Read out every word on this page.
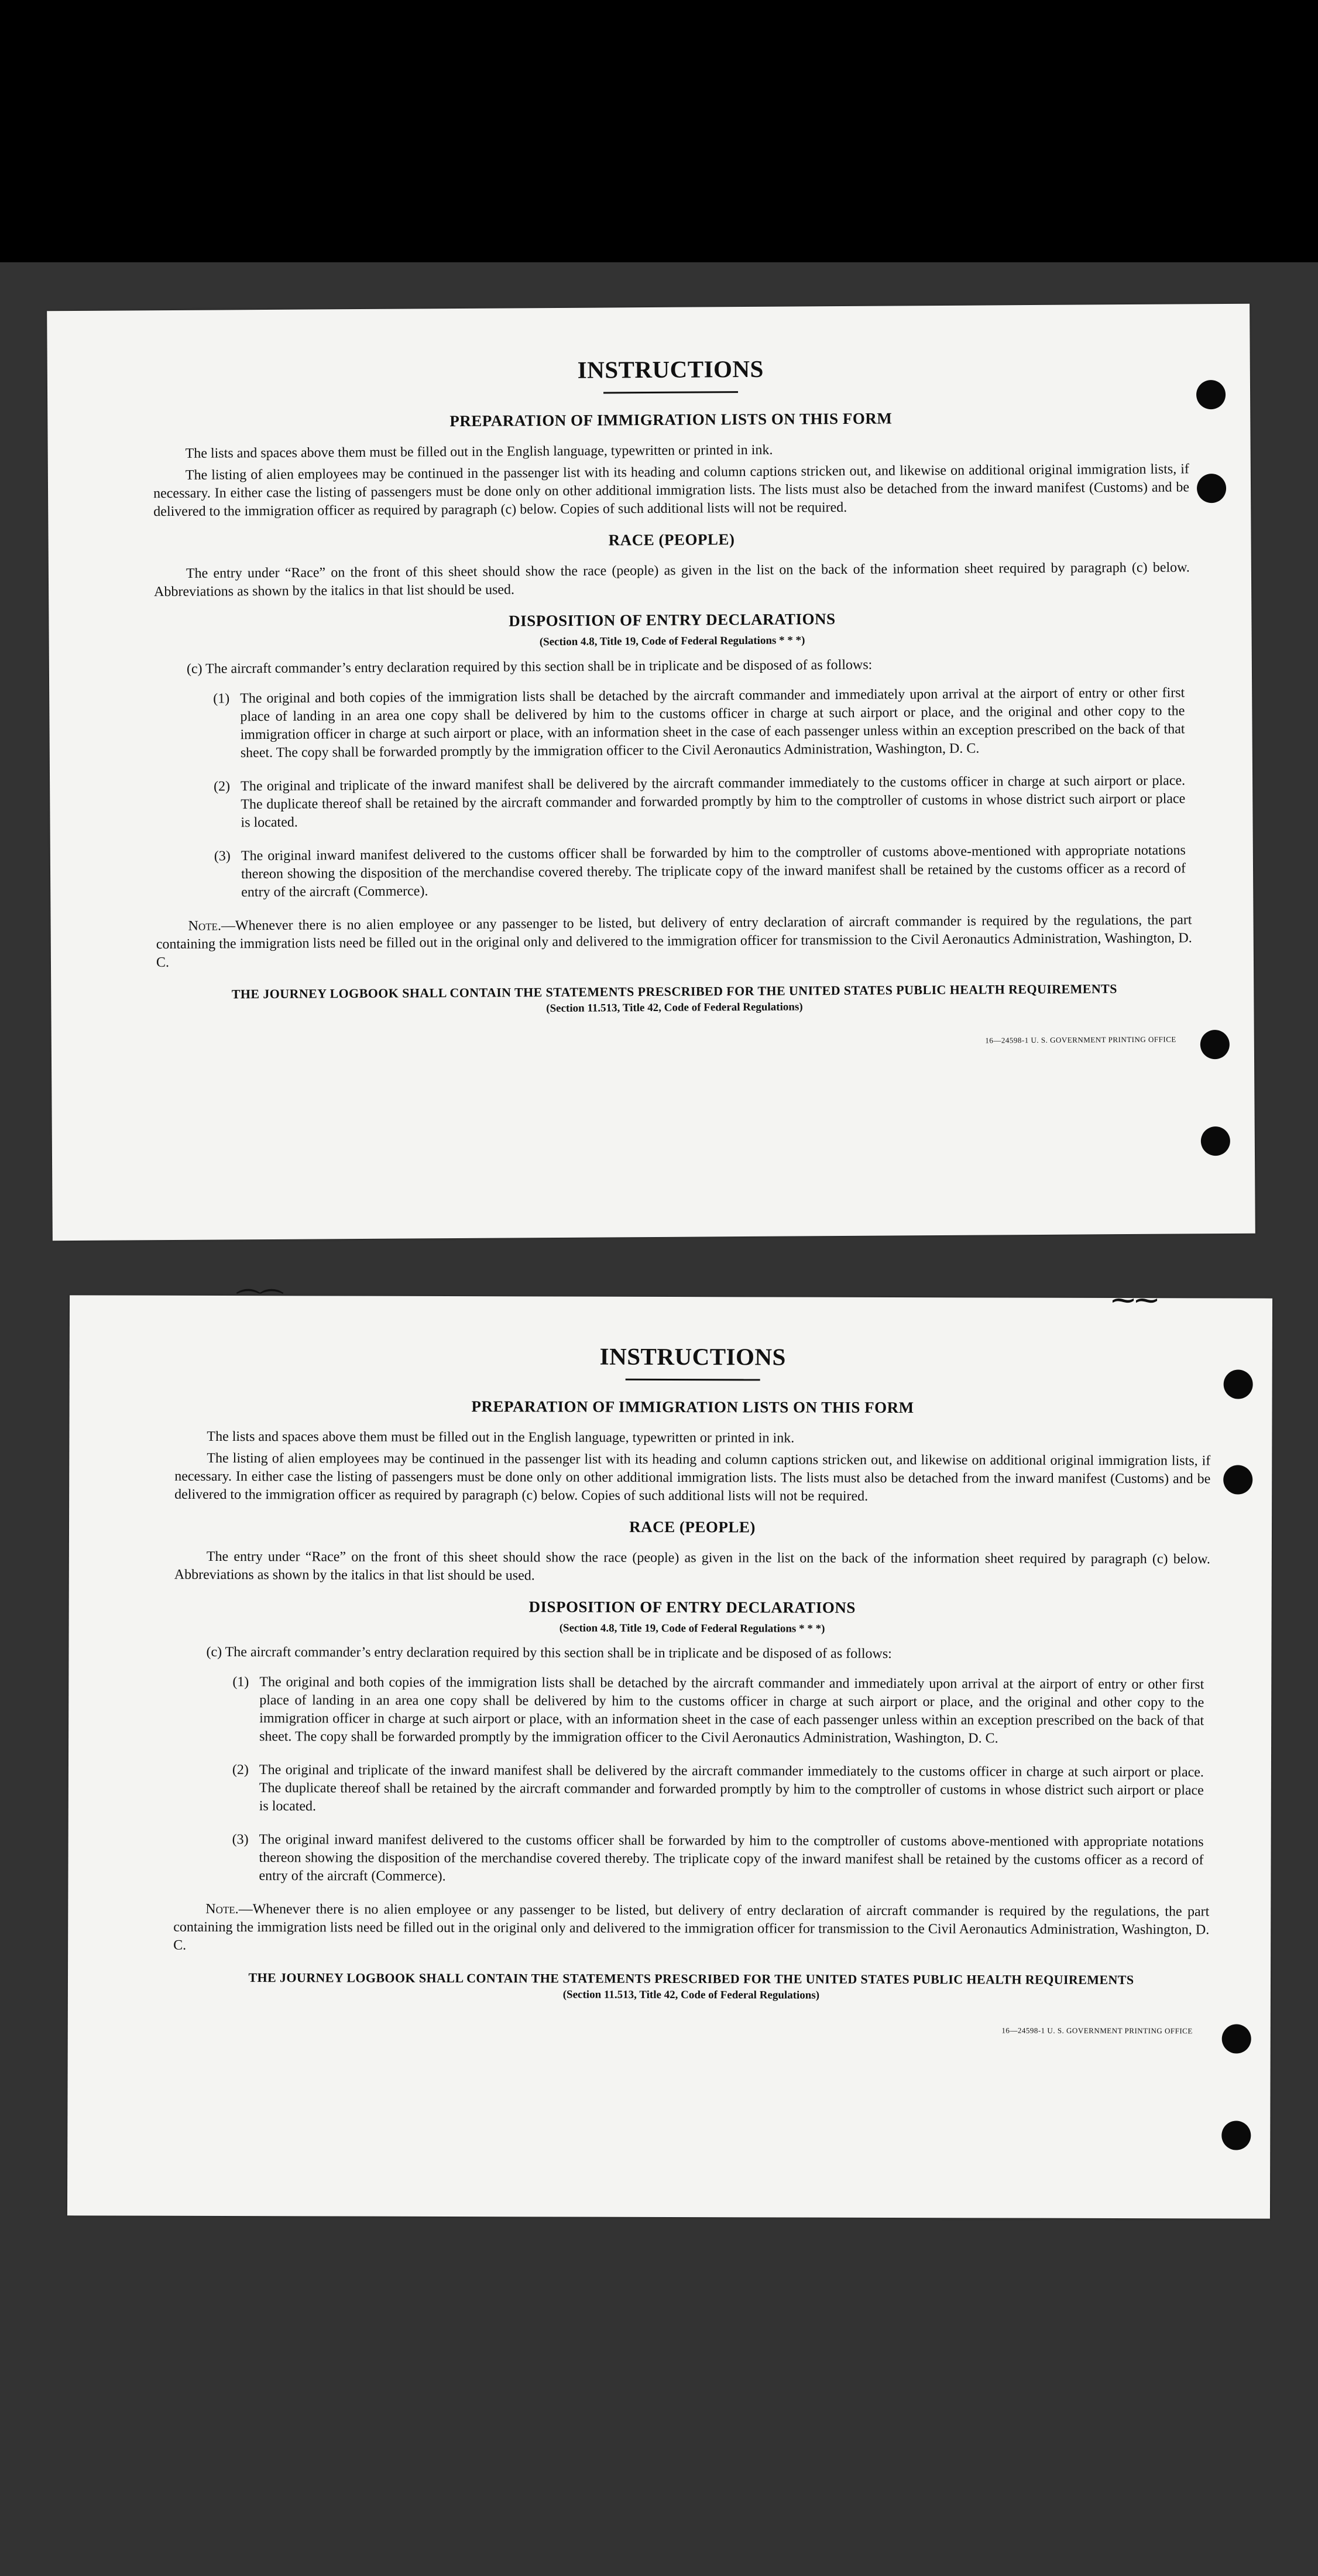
INSTRUCTIONS
PREPARATION OF IMMIGRATION LISTS ON THIS FORM

The lists and spaces above them must be filled out in the English language, typewritten or printed in ink.

The listing of alien employees may be continued in the passenger list with its heading and column captions stricken out, and likewise on additional original immigration lists, if necessary. In either case the listing of passengers must be done only on other additional immigration lists. The lists must also be detached from the inward manifest (Customs) and be delivered to the immigration officer as required by paragraph (c) below. Copies of such additional lists will not be required.

RACE (PEOPLE)

The entry under “Race” on the front of this sheet should show the race (people) as given in the list on the back of the information sheet required by paragraph (c) below. Abbreviations as shown by the italics in that list should be used.

DISPOSITION OF ENTRY DECLARATIONS
(Section 4.8, Title 19, Code of Federal Regulations * * *)

(c) The aircraft commander’s entry declaration required by this section shall be in triplicate and be disposed of as follows:

(1) The original and both copies of the immigration lists shall be detached by the aircraft commander and immediately upon arrival at the airport of entry or other first place of landing in an area one copy shall be delivered by him to the customs officer in charge at such airport or place, and the original and other copy to the immigration officer in charge at such airport or place, with an information sheet in the case of each passenger unless within an exception prescribed on the back of that sheet. The copy shall be forwarded promptly by the immigration officer to the Civil Aeronautics Administration, Washington, D. C.
(2) The original and triplicate of the inward manifest shall be delivered by the aircraft commander immediately to the customs officer in charge at such airport or place. The duplicate thereof shall be retained by the aircraft commander and forwarded promptly by him to the comptroller of customs in whose district such airport or place is located.
(3) The original inward manifest delivered to the customs officer shall be forwarded by him to the comptroller of customs above-mentioned with appropriate notations thereon showing the disposition of the merchandise covered thereby. The triplicate copy of the inward manifest shall be retained by the customs officer as a record of entry of the aircraft (Commerce).

Note.—Whenever there is no alien employee or any passenger to be listed, but delivery of entry declaration of aircraft commander is required by the regulations, the part containing the immigration lists need be filled out in the original only and delivered to the immigration officer for transmission to the Civil Aeronautics Administration, Washington, D. C.

THE JOURNEY LOGBOOK SHALL CONTAIN THE STATEMENTS PRESCRIBED FOR THE UNITED STATES PUBLIC HEALTH REQUIREMENTS
(Section 11.513, Title 42, Code of Federal Regulations)
16—24598-1 U. S. GOVERNMENT PRINTING OFFICE
⌒⌒	⁓⁓
INSTRUCTIONS
PREPARATION OF IMMIGRATION LISTS ON THIS FORM

The lists and spaces above them must be filled out in the English language, typewritten or printed in ink.

The listing of alien employees may be continued in the passenger list with its heading and column captions stricken out, and likewise on additional original immigration lists, if necessary. In either case the listing of passengers must be done only on other additional immigration lists. The lists must also be detached from the inward manifest (Customs) and be delivered to the immigration officer as required by paragraph (c) below. Copies of such additional lists will not be required.

RACE (PEOPLE)

The entry under “Race” on the front of this sheet should show the race (people) as given in the list on the back of the information sheet required by paragraph (c) below. Abbreviations as shown by the italics in that list should be used.

DISPOSITION OF ENTRY DECLARATIONS
(Section 4.8, Title 19, Code of Federal Regulations * * *)

(c) The aircraft commander’s entry declaration required by this section shall be in triplicate and be disposed of as follows:

(1) The original and both copies of the immigration lists shall be detached by the aircraft commander and immediately upon arrival at the airport of entry or other first place of landing in an area one copy shall be delivered by him to the customs officer in charge at such airport or place, and the original and other copy to the immigration officer in charge at such airport or place, with an information sheet in the case of each passenger unless within an exception prescribed on the back of that sheet. The copy shall be forwarded promptly by the immigration officer to the Civil Aeronautics Administration, Washington, D. C.
(2) The original and triplicate of the inward manifest shall be delivered by the aircraft commander immediately to the customs officer in charge at such airport or place. The duplicate thereof shall be retained by the aircraft commander and forwarded promptly by him to the comptroller of customs in whose district such airport or place is located.
(3) The original inward manifest delivered to the customs officer shall be forwarded by him to the comptroller of customs above-mentioned with appropriate notations thereon showing the disposition of the merchandise covered thereby. The triplicate copy of the inward manifest shall be retained by the customs officer as a record of entry of the aircraft (Commerce).

Note.—Whenever there is no alien employee or any passenger to be listed, but delivery of entry declaration of aircraft commander is required by the regulations, the part containing the immigration lists need be filled out in the original only and delivered to the immigration officer for transmission to the Civil Aeronautics Administration, Washington, D. C.

THE JOURNEY LOGBOOK SHALL CONTAIN THE STATEMENTS PRESCRIBED FOR THE UNITED STATES PUBLIC HEALTH REQUIREMENTS
(Section 11.513, Title 42, Code of Federal Regulations)
16—24598-1 U. S. GOVERNMENT PRINTING OFFICE
